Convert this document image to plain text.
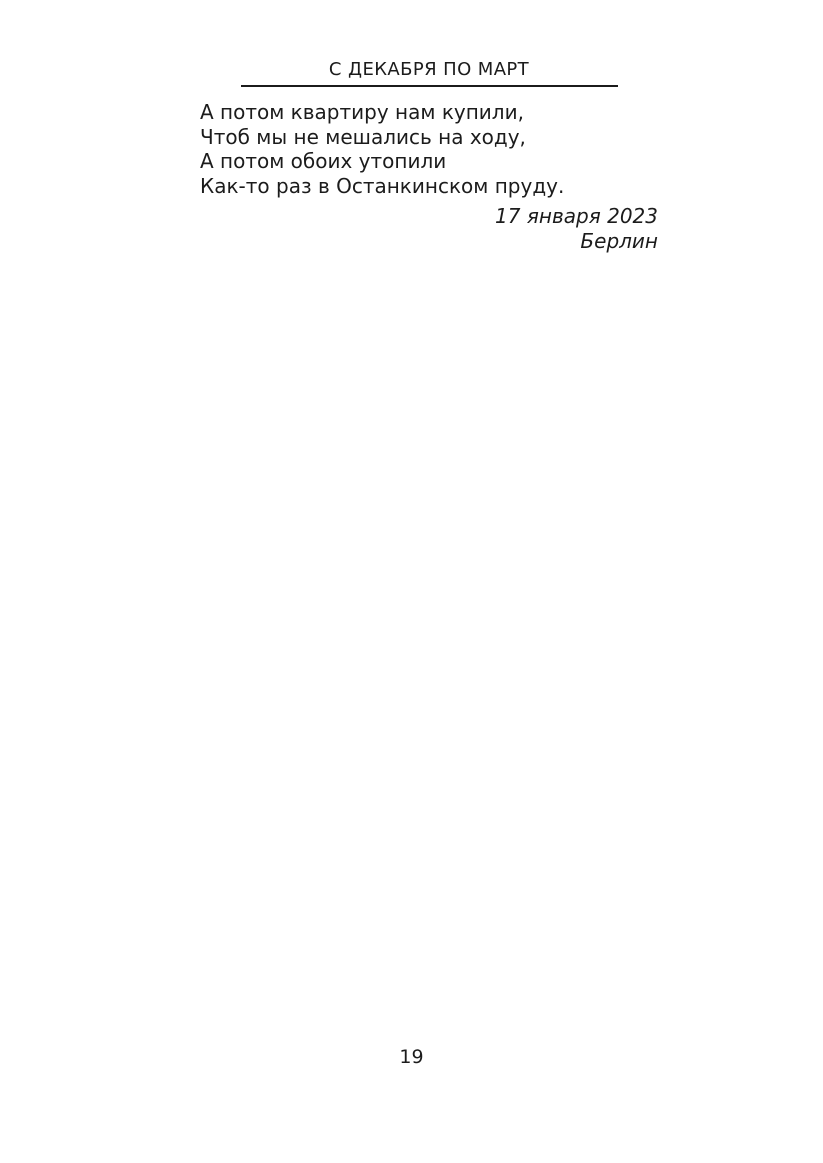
С ДЕКАБРЯ ПО МАРТ
А потом квартиру нам купили,
Чтоб мы не мешались на ходу,
А потом обоих утопили
Как-то раз в Останкинском пруду.
17 января 2023
Берлин
19
